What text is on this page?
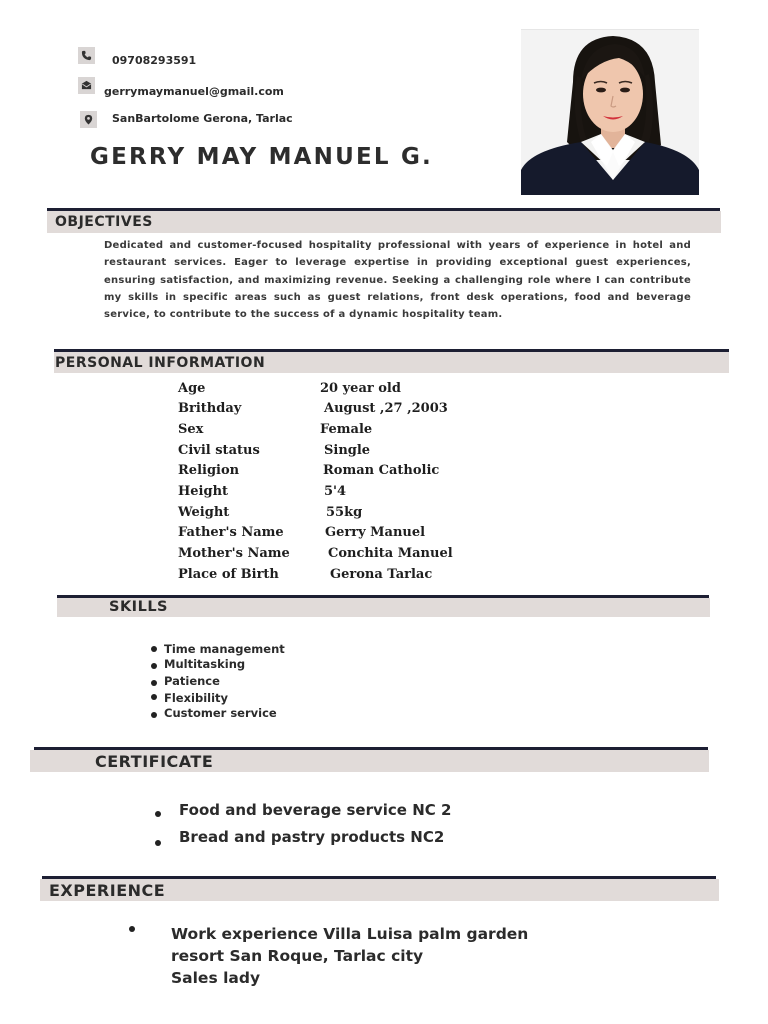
09708293591
gerrymaymanuel@gmail.com
SanBartolome Gerona, Tarlac
GERRY MAY MANUEL G.
OBJECTIVES
Dedicated and customer-focused hospitality professional with years of experience in hotel and restaurant services. Eager to leverage expertise in providing exceptional guest experiences, ensuring satisfaction, and maximizing revenue. Seeking a challenging role where I can contribute my skills in specific areas such as guest relations, front desk operations, food and beverage service, to contribute to the success of a dynamic hospitality team.
PERSONAL INFORMATION
Age	20 year old
Brithday	August ,27 ,2003
Sex	Female
Civil status	Single
Religion	Roman Catholic
Height	5'4
Weight	55kg
Father's Name	Gerry Manuel
Mother's Name	Conchita Manuel
Place of Birth	Gerona Tarlac
SKILLS
Time management
Multitasking
Patience
Flexibility
Customer service
CERTIFICATE
Food and beverage service NC 2
Bread and pastry products NC2
EXPERIENCE
Work experience Villa Luisa palm garden
resort San Roque, Tarlac city
Sales lady
